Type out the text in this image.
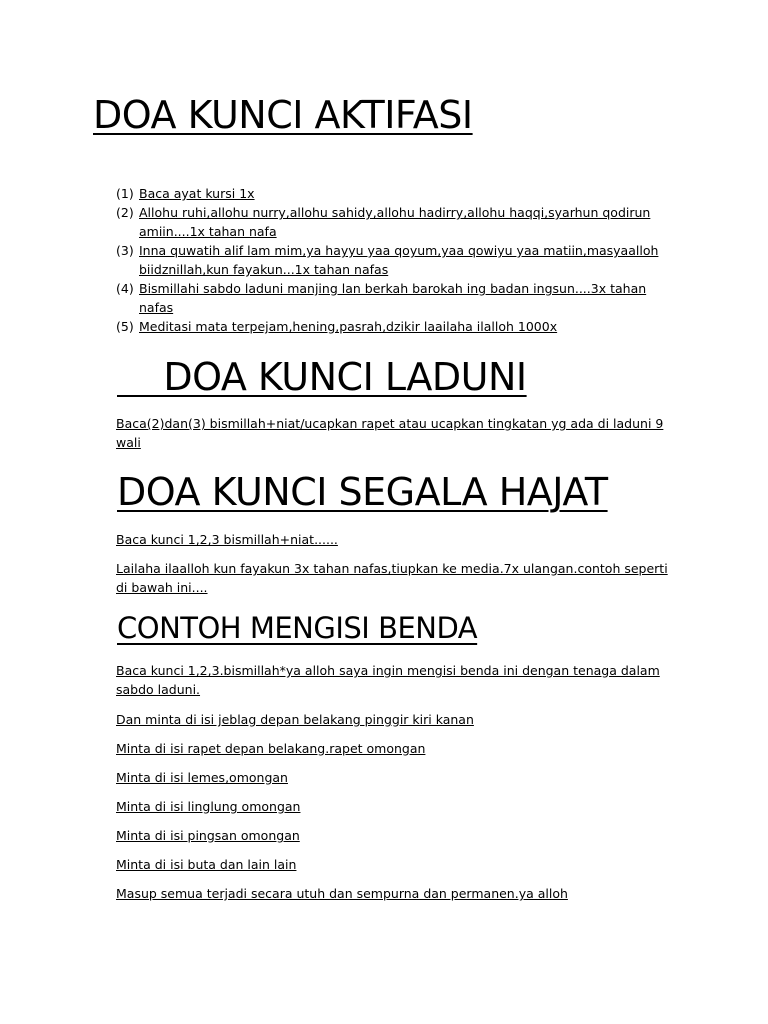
DOA KUNCI AKTIFASI
(1) Baca ayat kursi 1x
(2) Allohu ruhi,allohu nurry,allohu sahidy,allohu hadirry,allohu haqqi,syarhun qodirun amiin....1x tahan nafa
(3) Inna quwatih alif lam mim,ya hayyu yaa qoyum,yaa qowiyu yaa matiin,masyaalloh biidznillah,kun fayakun...1x tahan nafas
(4) Bismillahi sabdo laduni manjing lan berkah barokah ing badan ingsun....3x tahan nafas
(5) Meditasi mata terpejam,hening,pasrah,dzikir laailaha ilalloh 1000x
DOA KUNCI LADUNI

Baca(2)dan(3) bismillah+niat/ucapkan rapet atau ucapkan tingkatan yg ada di laduni 9 wali

DOA KUNCI SEGALA HAJAT

Baca kunci 1,2,3 bismillah+niat......

Lailaha ilaalloh kun fayakun 3x tahan nafas,tiupkan ke media.7x ulangan.contoh seperti di bawah ini....

CONTOH MENGISI BENDA

Baca kunci 1,2,3.bismillah*ya alloh saya ingin mengisi benda ini dengan tenaga dalam sabdo laduni.

Dan minta di isi jeblag depan belakang pinggir kiri kanan

Minta di isi rapet depan belakang.rapet omongan

Minta di isi lemes,omongan

Minta di isi linglung omongan

Minta di isi pingsan omongan

Minta di isi buta dan lain lain

Masup semua terjadi secara utuh dan sempurna dan permanen.ya alloh
